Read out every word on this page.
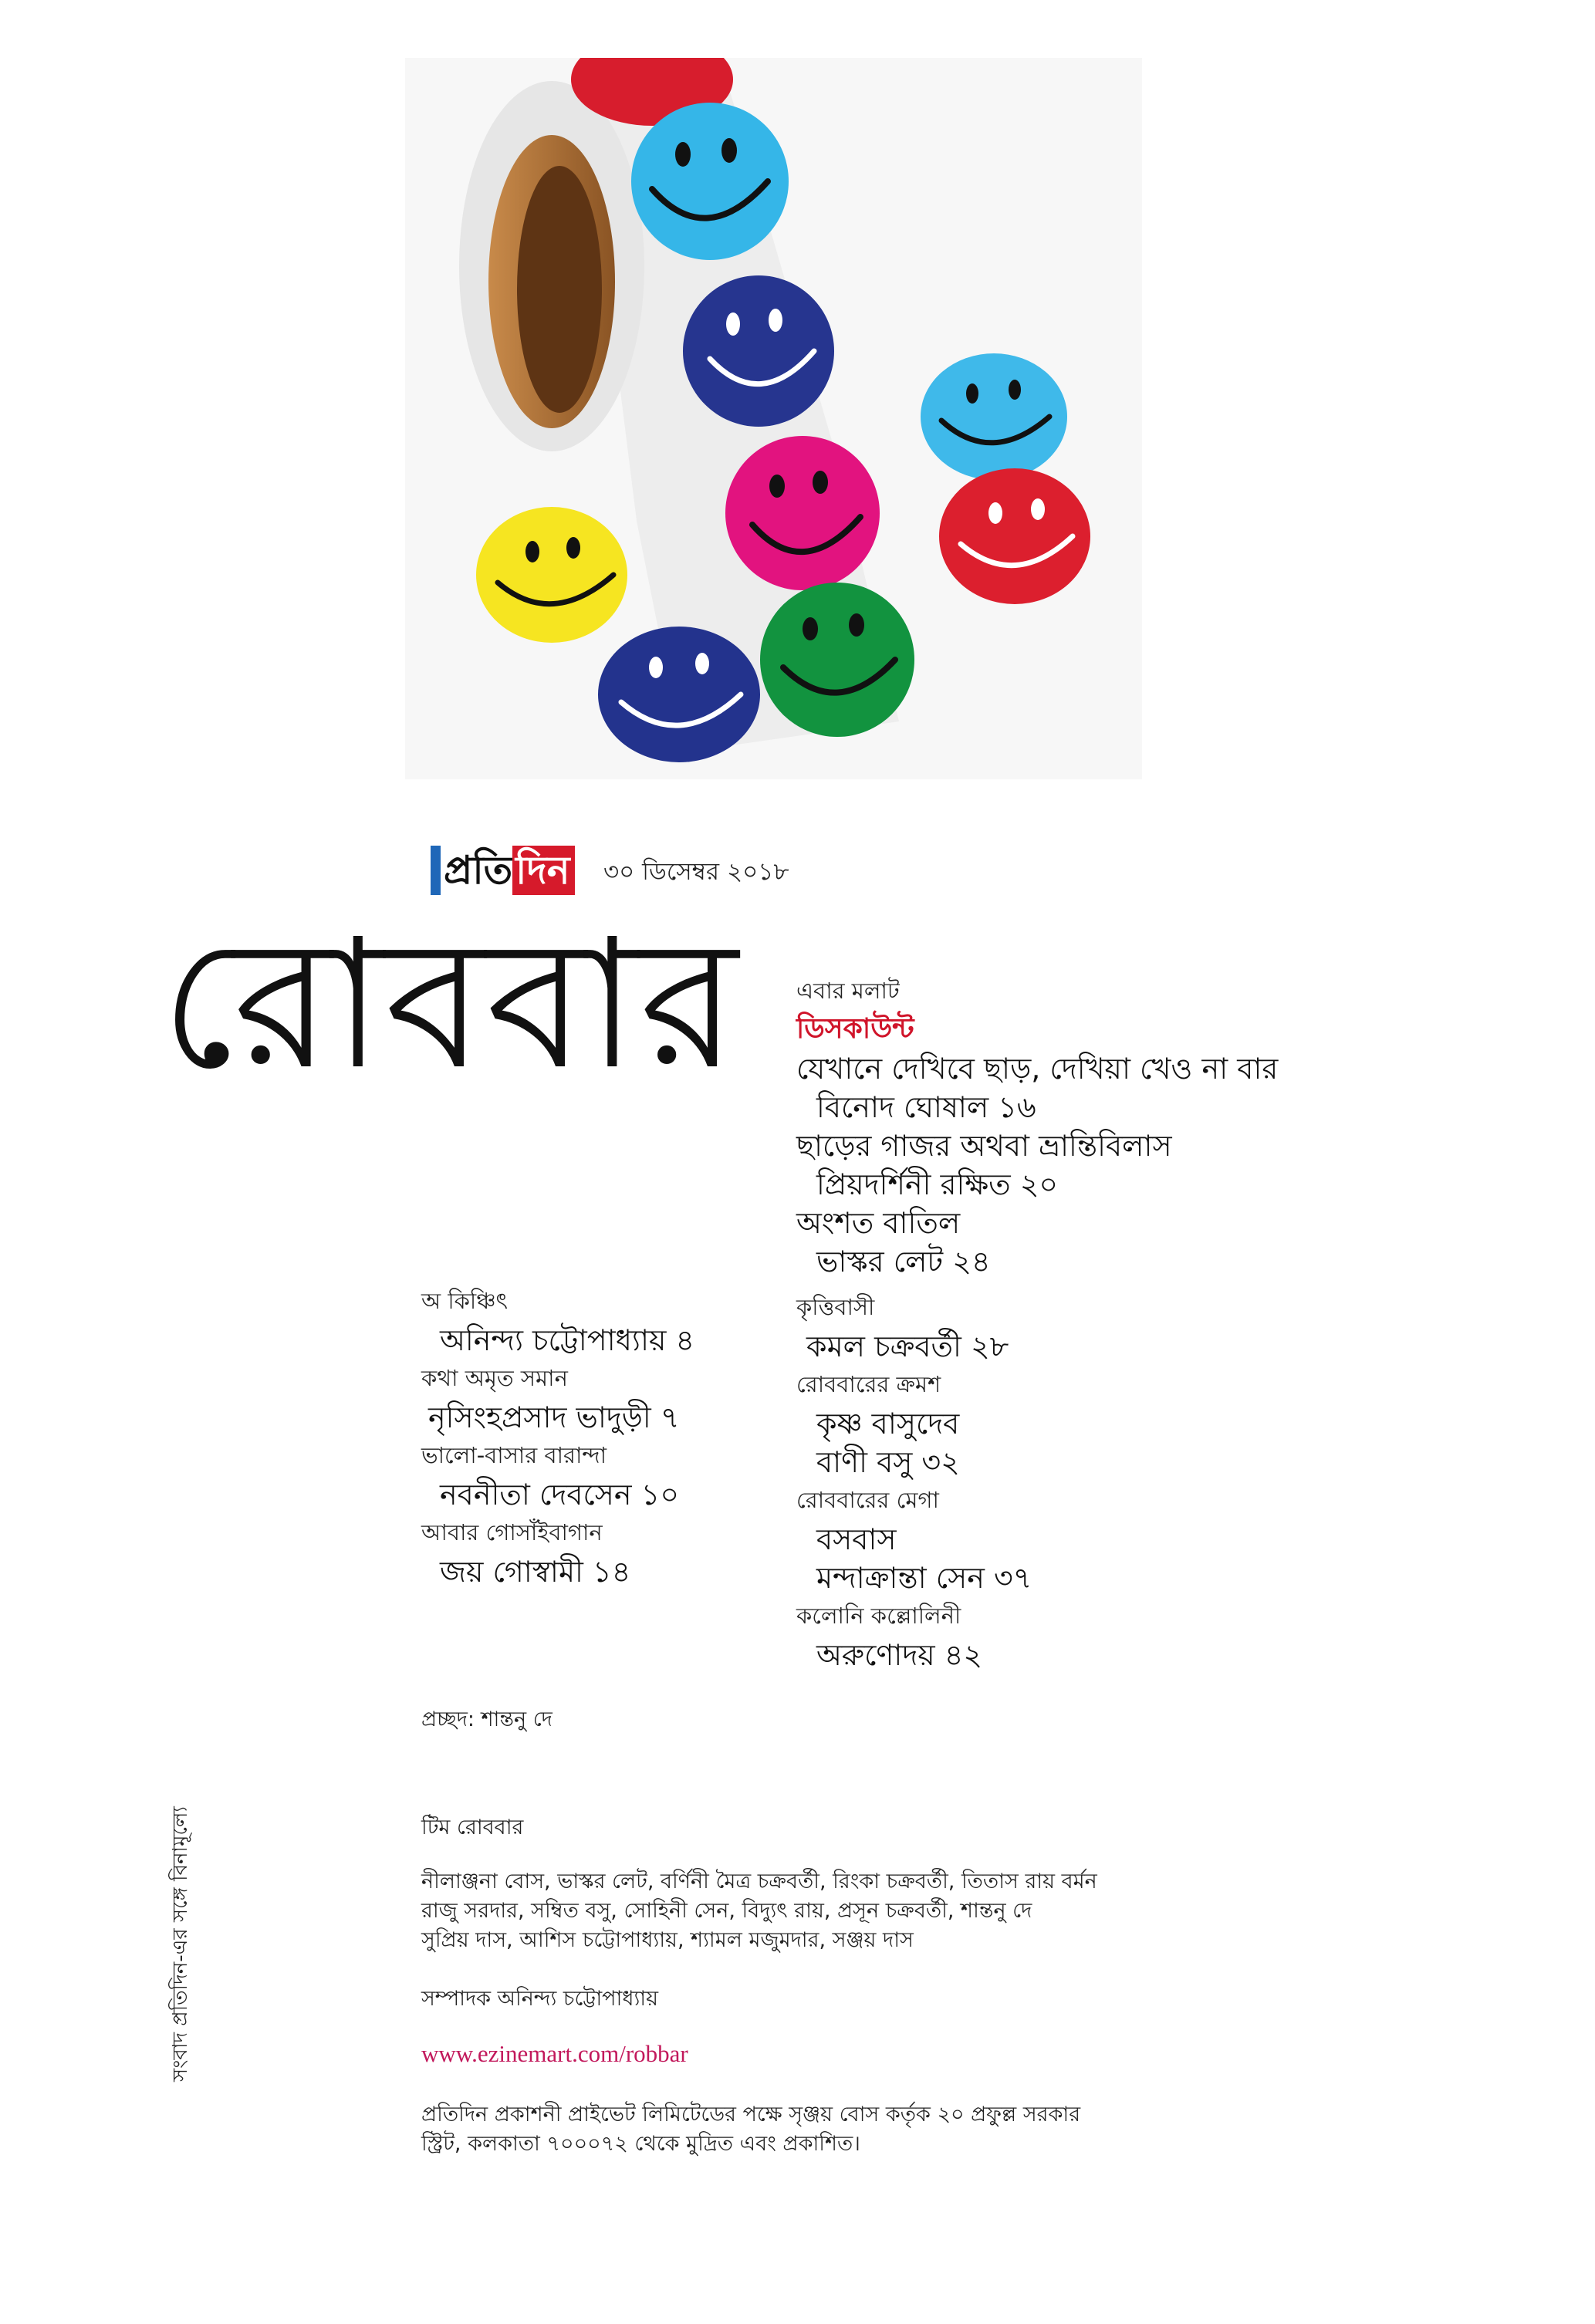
প্রতি দিন ৩০ ডিসেম্বর ২০১৮
রোববার	এবার মলাট
ডিসকাউন্ট
যেখানে দেখিবে ছাড়, দেখিয়া খেও না বার
বিনোদ ঘোষাল ১৬
ছাড়ের গাজর অথবা ভ্রান্তিবিলাস
প্রিয়দর্শিনী রক্ষিত ২০
অংশত বাতিল
ভাস্কর লেট ২৪
কৃত্তিবাসী
কমল চক্রবর্তী ২৮
রোববারের ক্রমশ
কৃষ্ণ বাসুদেব
বাণী বসু ৩২
রোববারের মেগা
বসবাস
মন্দাক্রান্তা সেন ৩৭
কলোনি কল্লোলিনী
অরুণোদয় ৪২
অ কিঞ্চিৎ
অনিন্দ্য চট্টোপাধ্যায় ৪
কথা অমৃত সমান
নৃসিংহপ্রসাদ ভাদুড়ী ৭
ভালো-বাসার বারান্দা
নবনীতা দেবসেন ১০
আবার গোসাঁইবাগান
জয় গোস্বামী ১৪
প্রচ্ছদ: শান্তনু দে
টিম রোববার
নীলাঞ্জনা বোস, ভাস্কর লেট, বর্ণিনী মৈত্র চক্রবর্তী, রিংকা চক্রবর্তী, তিতাস রায় বর্মন
রাজু সরদার, সম্বিত বসু, সোহিনী সেন, বিদ্যুৎ রায়, প্রসূন চক্রবর্তী, শান্তনু দে
সুপ্রিয় দাস, আশিস চট্টোপাধ্যায়, শ্যামল মজুমদার, সঞ্জয় দাস
সম্পাদক অনিন্দ্য চট্টোপাধ্যায়
www.ezinemart.com/robbar
প্রতিদিন প্রকাশনী প্রাইভেট লিমিটেডের পক্ষে সৃঞ্জয় বোস কর্তৃক ২০ প্রফুল্ল সরকার
স্ট্রিট, কলকাতা ৭০০০৭২ থেকে মুদ্রিত এবং প্রকাশিত।
সংবাদ প্রতিদিন-এর সঙ্গে বিনামূল্যে
